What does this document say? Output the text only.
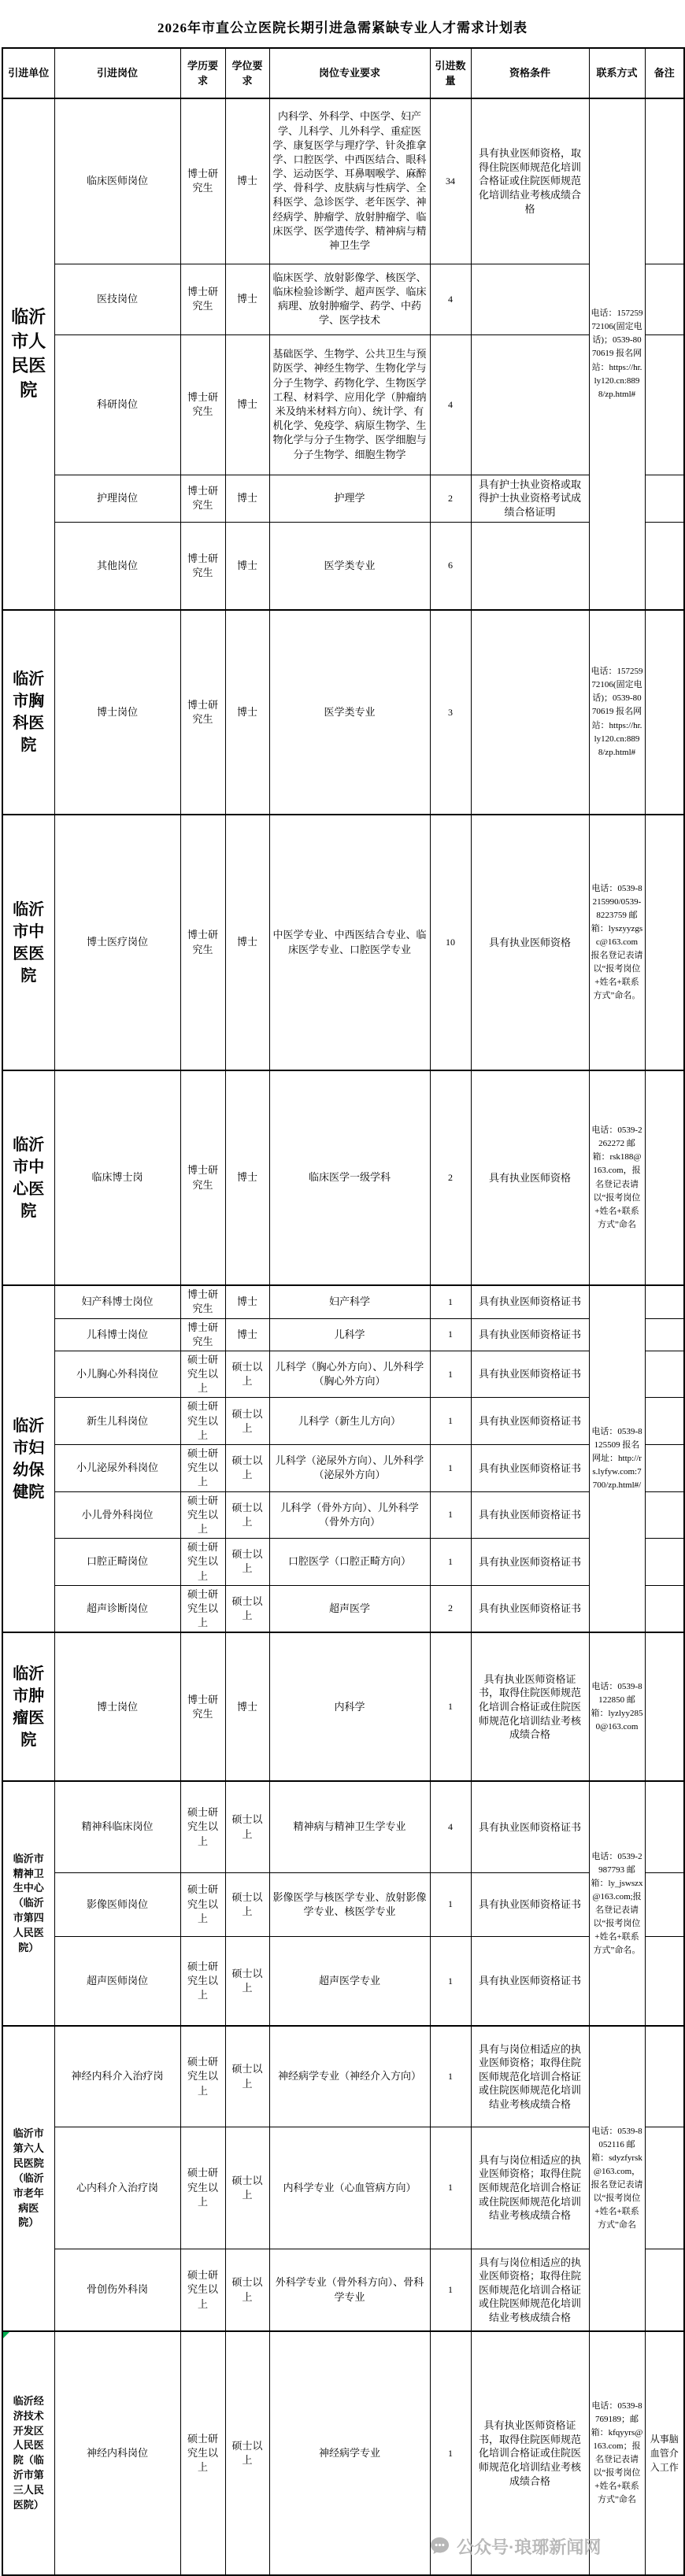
2026年市直公立医院长期引进急需紧缺专业人才需求计划表
引进单位	引进岗位	学历要求	学位要求	岗位专业要求	引进数量	资格条件	联系方式	备注
临沂市人民医院	临床医师岗位	博士研究生	博士	内科学、外科学、中医学、妇产学、儿科学、儿外科学、重症医学、康复医学与理疗学、针灸推拿学、口腔医学、中西医结合、眼科学、运动医学、耳鼻咽喉学、麻醉学、骨科学、皮肤病与性病学、全科医学、急诊医学、老年医学、神经病学、肿瘤学、放射肿瘤学、临床医学、医学遗传学、精神病与精神卫生学	34	具有执业医师资格，取得住院医师规范化培训合格证或住院医师规范化培训结业考核成绩合格	电话：15725972106(固定电话)；0539-8070619 报名网站：https://hr.ly120.cn:8898/zp.html#	
	医技岗位	博士研究生	博士	临床医学、放射影像学、核医学、临床检验诊断学、超声医学、临床病理、放射肿瘤学、药学、中药学、医学技术	4			
	科研岗位	博士研究生	博士	基础医学、生物学、公共卫生与预防医学、神经生物学、生物化学与分子生物学、药物化学、生物医学工程、材料学、应用化学（肿瘤纳米及纳米材料方向）、统计学、有机化学、免疫学、病原生物学、生物化学与分子生物学、医学细胞与分子生物学、细胞生物学	4			
	护理岗位	博士研究生	博士	护理学	2	具有护士执业资格或取得护士执业资格考试成绩合格证明		
	其他岗位	博士研究生	博士	医学类专业	6			
临沂市胸科医院	博士岗位	博士研究生	博士	医学类专业	3		电话：15725972106(固定电话)；0539-8070619 报名网站：https://hr.ly120.cn:8898/zp.html#	
临沂市中医医院	博士医疗岗位	博士研究生	博士	中医学专业、中西医结合专业、临床医学专业、口腔医学专业	10	具有执业医师资格	电话：0539-8215990/0539-8223759 邮箱：lyszyyzgsc@163.com 报名登记表请以“报考岗位+姓名+联系方式”命名。	
临沂市中心医院	临床博士岗	博士研究生	博士	临床医学一级学科	2	具有执业医师资格	电话：0539-2262272 邮箱：rsk188@163.com，报名登记表请以“报考岗位+姓名+联系方式”命名	
临沂市妇幼保健院	妇产科博士岗位	博士研究生	博士	妇产科学	1	具有执业医师资格证书	电话：0539-8125509 报名网址：http://rs.lyfyw.com:7700/zp.html#/	
	儿科博士岗位	博士研究生	博士	儿科学	1	具有执业医师资格证书		
	小儿胸心外科岗位	硕士研究生以上	硕士以上	儿科学（胸心外方向）、儿外科学（胸心外方向）	1	具有执业医师资格证书		
	新生儿科岗位	硕士研究生以上	硕士以上	儿科学（新生儿方向）	1	具有执业医师资格证书		
	小儿泌尿外科岗位	硕士研究生以上	硕士以上	儿科学（泌尿外方向）、儿外科学（泌尿外方向）	1	具有执业医师资格证书		
	小儿骨外科岗位	硕士研究生以上	硕士以上	儿科学（骨外方向）、儿外科学（骨外方向）	1	具有执业医师资格证书		
	口腔正畸岗位	硕士研究生以上	硕士以上	口腔医学（口腔正畸方向）	1	具有执业医师资格证书		
	超声诊断岗位	硕士研究生以上	硕士以上	超声医学	2	具有执业医师资格证书		
临沂市肿瘤医院	博士岗位	博士研究生	博士	内科学	1	具有执业医师资格证书，取得住院医师规范化培训合格证或住院医师规范化培训结业考核成绩合格	电话：0539-8122850 邮箱：lyzlyy2850@163.com	
临沂市精神卫生中心（临沂市第四人民医院）	精神科临床岗位	硕士研究生以上	硕士以上	精神病与精神卫生学专业	4	具有执业医师资格证书	电话：0539-2987793 邮箱：ly_jswszx@163.com;报名登记表请以“报考岗位+姓名+联系方式”命名。	
	影像医师岗位	硕士研究生以上	硕士以上	影像医学与核医学专业、放射影像学专业、核医学专业	1	具有执业医师资格证书		
	超声医师岗位	硕士研究生以上	硕士以上	超声医学专业	1	具有执业医师资格证书		
临沂市第六人民医院（临沂市老年病医院）	神经内科介入治疗岗	硕士研究生以上	硕士以上	神经病学专业（神经介入方向）	1	具有与岗位相适应的执业医师资格；取得住院医师规范化培训合格证或住院医师规范化培训结业考核成绩合格	电话：0539-8052116 邮箱：sdyzfyrsk@163.com，报名登记表请以“报考岗位+姓名+联系方式”命名	
	心内科介入治疗岗	硕士研究生以上	硕士以上	内科学专业（心血管病方向）	1	具有与岗位相适应的执业医师资格；取得住院医师规范化培训合格证或住院医师规范化培训结业考核成绩合格		
	骨创伤外科岗	硕士研究生以上	硕士以上	外科学专业（骨外科方向）、骨科学专业	1	具有与岗位相适应的执业医师资格；取得住院医师规范化培训合格证或住院医师规范化培训结业考核成绩合格		
临沂经济技术开发区人民医院（临沂市第三人民医院）	神经内科岗位	硕士研究生以上	硕士以上	神经病学专业	1	具有执业医师资格证书，取得住院医师规范化培训合格证或住院医师规范化培训结业考核成绩合格	电话：0539-8769189；邮箱：kfqyyrs@163.com；报名登记表请以“报考岗位+姓名+联系方式”命名	从事脑血管介入工作
公众号·琅琊新闻网
